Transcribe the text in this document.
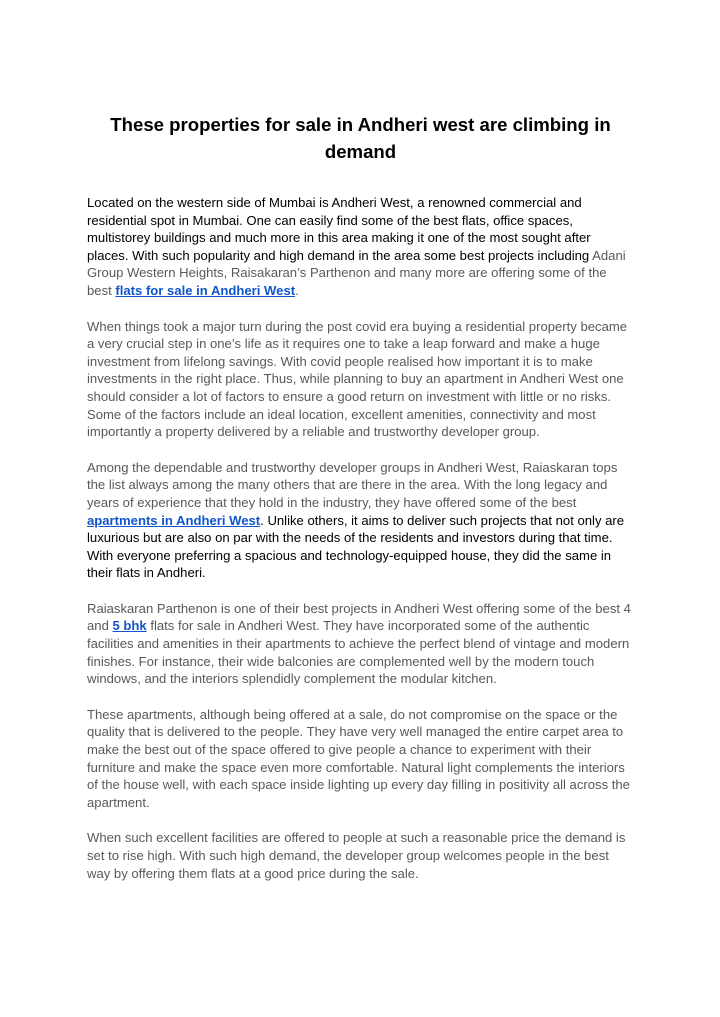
These properties for sale in Andheri west are climbing in demand

Located on the western side of Mumbai is Andheri West, a renowned commercial and residential spot in Mumbai. One can easily find some of the best flats, office spaces, multistorey buildings and much more in this area making it one of the most sought after places. With such popularity and high demand in the area some best projects including Adani Group Western Heights, Raisakaran’s Parthenon and many more are offering some of the best flats for sale in Andheri West.

When things took a major turn during the post covid era buying a residential property became a very crucial step in one’s life as it requires one to take a leap forward and make a huge investment from lifelong savings. With covid people realised how important it is to make investments in the right place. Thus, while planning to buy an apartment in Andheri West one should consider a lot of factors to ensure a good return on investment with little or no risks. Some of the factors include an ideal location, excellent amenities, connectivity and most importantly a property delivered by a reliable and trustworthy developer group.

Among the dependable and trustworthy developer groups in Andheri West, Raiaskaran tops the list always among the many others that are there in the area. With the long legacy and years of experience that they hold in the industry, they have offered some of the best apartments in Andheri West. Unlike others, it aims to deliver such projects that not only are luxurious but are also on par with the needs of the residents and investors during that time. With everyone preferring a spacious and technology-equipped house, they did the same in their flats in Andheri.

Raiaskaran Parthenon is one of their best projects in Andheri West offering some of the best 4 and 5 bhk flats for sale in Andheri West. They have incorporated some of the authentic facilities and amenities in their apartments to achieve the perfect blend of vintage and modern finishes. For instance, their wide balconies are complemented well by the modern touch windows, and the interiors splendidly complement the modular kitchen.

These apartments, although being offered at a sale, do not compromise on the space or the quality that is delivered to the people. They have very well managed the entire carpet area to make the best out of the space offered to give people a chance to experiment with their furniture and make the space even more comfortable. Natural light complements the interiors of the house well, with each space inside lighting up every day filling in positivity all across the apartment.

When such excellent facilities are offered to people at such a reasonable price the demand is set to rise high. With such high demand, the developer group welcomes people in the best way by offering them flats at a good price during the sale.
